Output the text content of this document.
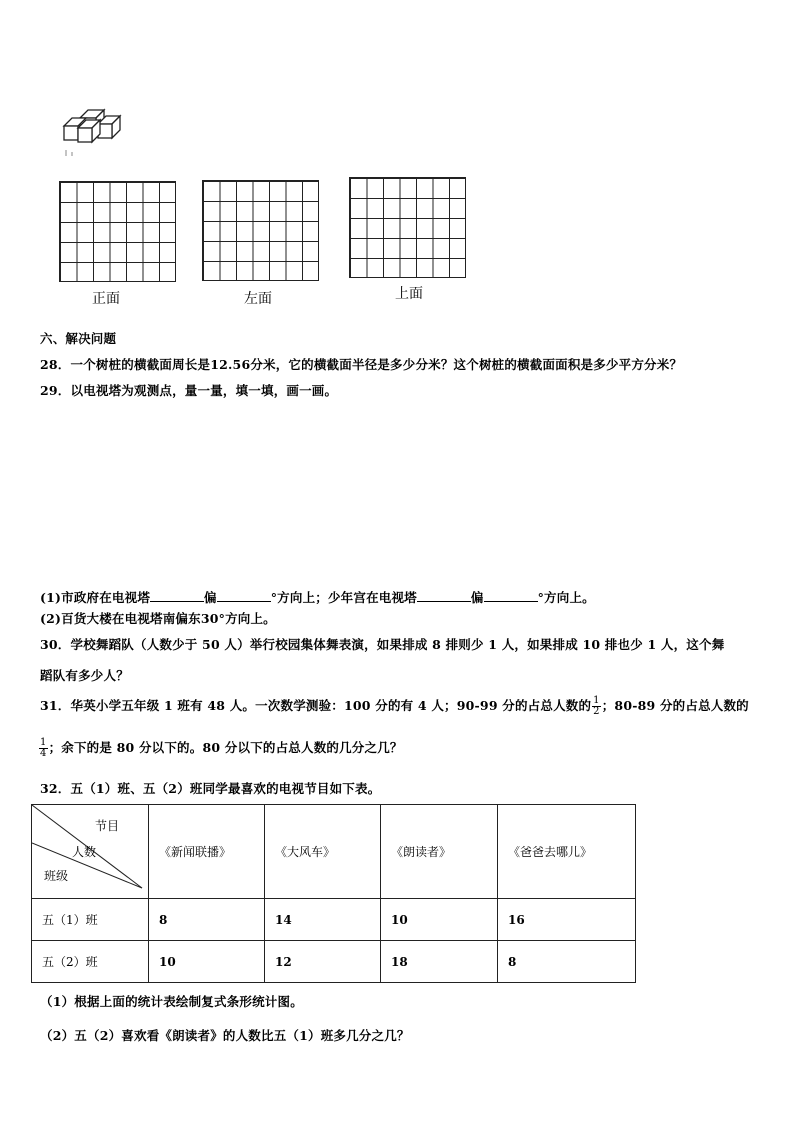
正面	左面	上面
六、解决问题
28．一个树桩的横截面周长是12.56分米，它的横截面半径是多少分米？这个树桩的横截面面积是多少平方分米？
29．以电视塔为观测点，量一量，填一填，画一画。
(1)市政府在电视塔	偏	°方向上；少年宫在电视塔	偏	°方向上。
(2)百货大楼在电视塔南偏东30°方向上。
30．学校舞蹈队（人数少于 50 人）举行校园集体舞表演，如果排成 8 排则少 1 人，如果排成 10 排也少 1 人，这个舞
蹈队有多少人？
31．华英小学五年级 1 班有 48 人。一次数学测验：100 分的有 4 人；90-99 分的占总人数的 $\frac{1}{2}$ ；80-89 分的占总人数的
$\frac{1}{4}$ ；余下的是 80 分以下的。80 分以下的占总人数的几分之几？
32．五（1）班、五（2）班同学最喜欢的电视节目如下表。
节目
人数
班级	《新闻联播》	《大风车》	《朗读者》	《爸爸去哪儿》
五（1）班	8	14	10	16
五（2）班	10	12	18	8
（1）根据上面的统计表绘制复式条形统计图。
（2）五（2）喜欢看《朗读者》的人数比五（1）班多几分之几？
